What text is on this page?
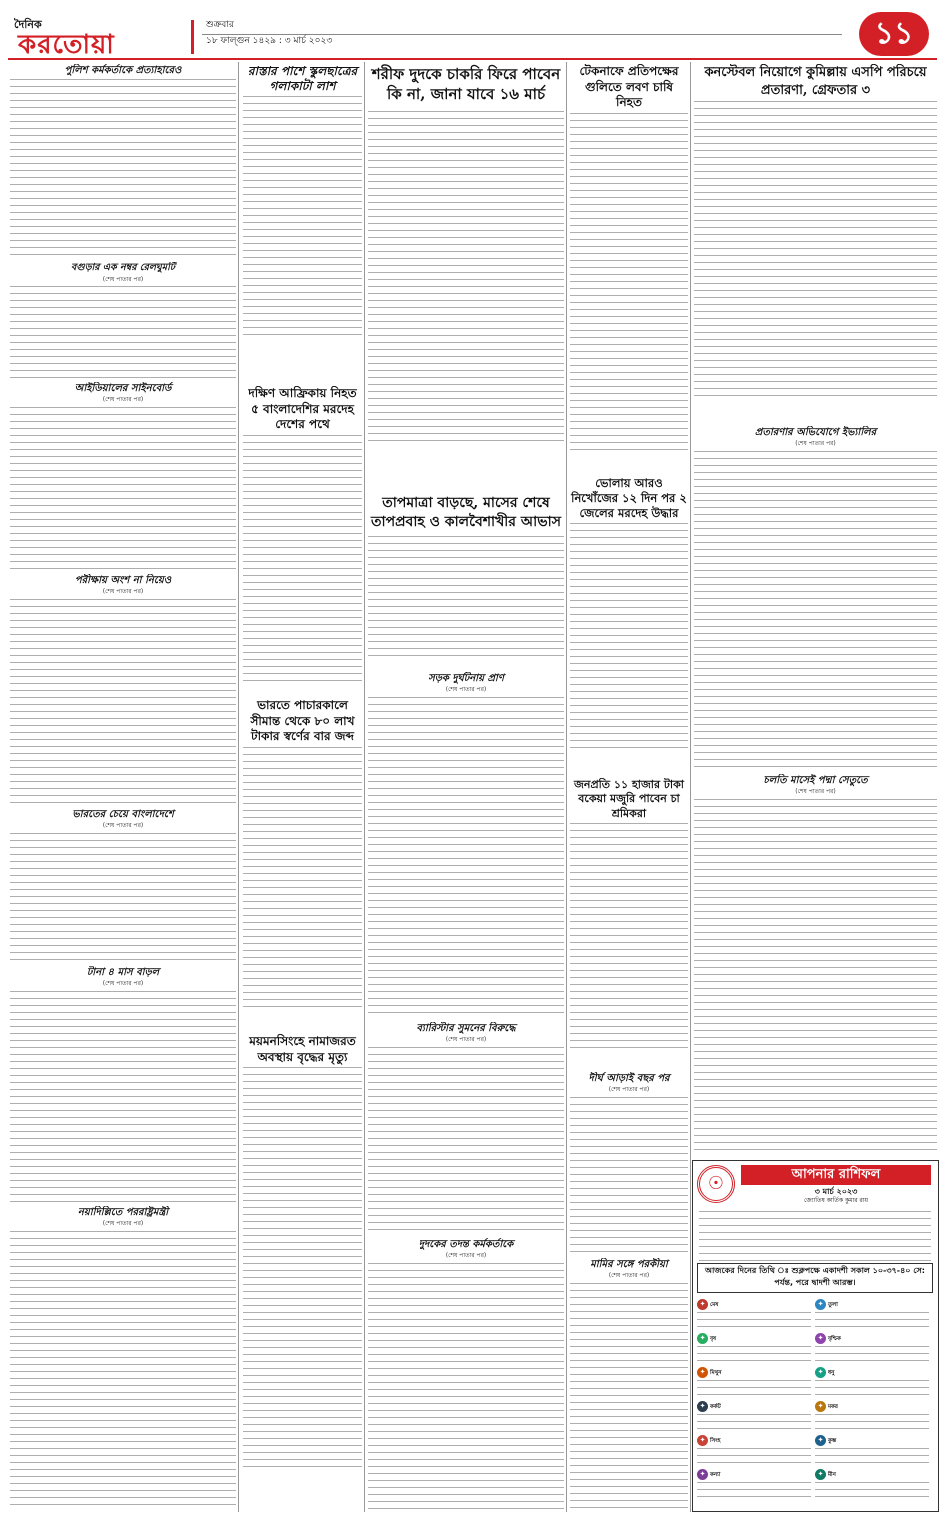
দৈনিক
করতোয়া
শুক্রবার
১৮ ফাল্গুন ১৪২৯ : ৩ মার্চ ২০২৩	১১
পুলিশ কর্মকর্তাকে প্রত্যাহারেও
বগুড়ার এক নম্বর রেলঘুমটি
(শেষ পাতার পর)
আইডিয়ালের সাইনবোর্ড
(শেষ পাতার পর)
পরীক্ষায় অংশ না নিয়েও
(শেষ পাতার পর)
ভারতের চেয়ে বাংলাদেশে
(শেষ পাতার পর)
টানা ৪ মাস বাড়ল
(শেষ পাতার পর)
নয়াদিল্লিতে পররাষ্ট্রমন্ত্রী
(শেষ পাতার পর)
রাস্তার পাশে স্কুলছাত্রের গলাকাটা লাশ
দক্ষিণ আফ্রিকায় নিহত ৫ বাংলাদেশির মরদেহ দেশের পথে
ভারতে পাচারকালে সীমান্ত থেকে ৮০ লাখ টাকার স্বর্ণের বার জব্দ
ময়মনসিংহে নামাজরত অবস্থায় বৃদ্ধের মৃত্যু
শরীফ দুদকে চাকরি ফিরে পাবেন কি না, জানা যাবে ১৬ মার্চ
তাপমাত্রা বাড়ছে, মাসের শেষে তাপপ্রবাহ ও কালবৈশাখীর আভাস
সড়ক দুর্ঘটনায় প্রাণ
(শেষ পাতার পর)
ব্যারিস্টার সুমনের বিরুদ্ধে
(শেষ পাতার পর)
দুদকের তদন্ত কর্মকর্তাকে
(শেষ পাতার পর)
টেকনাফে প্রতিপক্ষের গুলিতে লবণ চাষি নিহত
ভোলায় আরও নিখোঁজের ১২ দিন পর ২ জেলের মরদেহ উদ্ধার
জনপ্রতি ১১ হাজার টাকা বকেয়া মজুরি পাবেন চা শ্রমিকরা
দীর্ঘ আড়াই বছর পর
(শেষ পাতার পর)
মামির সঙ্গে পরকীয়া
(শেষ পাতার পর)
কনস্টেবল নিয়োগে কুমিল্লায় এসপি পরিচয়ে প্রতারণা, গ্রেফতার ৩
প্রতারণার অভিযোগে ইভ্যালির
(শেষ পাতার পর)
চলতি মাসেই পদ্মা সেতুতে
(শেষ পাতার পর)
☉	আপনার রাশিফল
৩ মার্চ ২০২৩
জ্যোতিষ কার্তিক কুমার রায়
আজকের দিনের তিথি ঃ শুক্লপক্ষে একাদশী সকাল ১০-৩৭-৪০ সে: পর্যন্ত, পরে দ্বাদশী আরম্ভ।
✦ মেষ	✦ তুলা
✦ বৃষ	✦ বৃশ্চিক
✦ মিথুন	✦ ধনু
✦ কর্কট	✦ মকর
✦ সিংহ	✦ কুম্ভ
✦ কন্যা	✦ মীন
